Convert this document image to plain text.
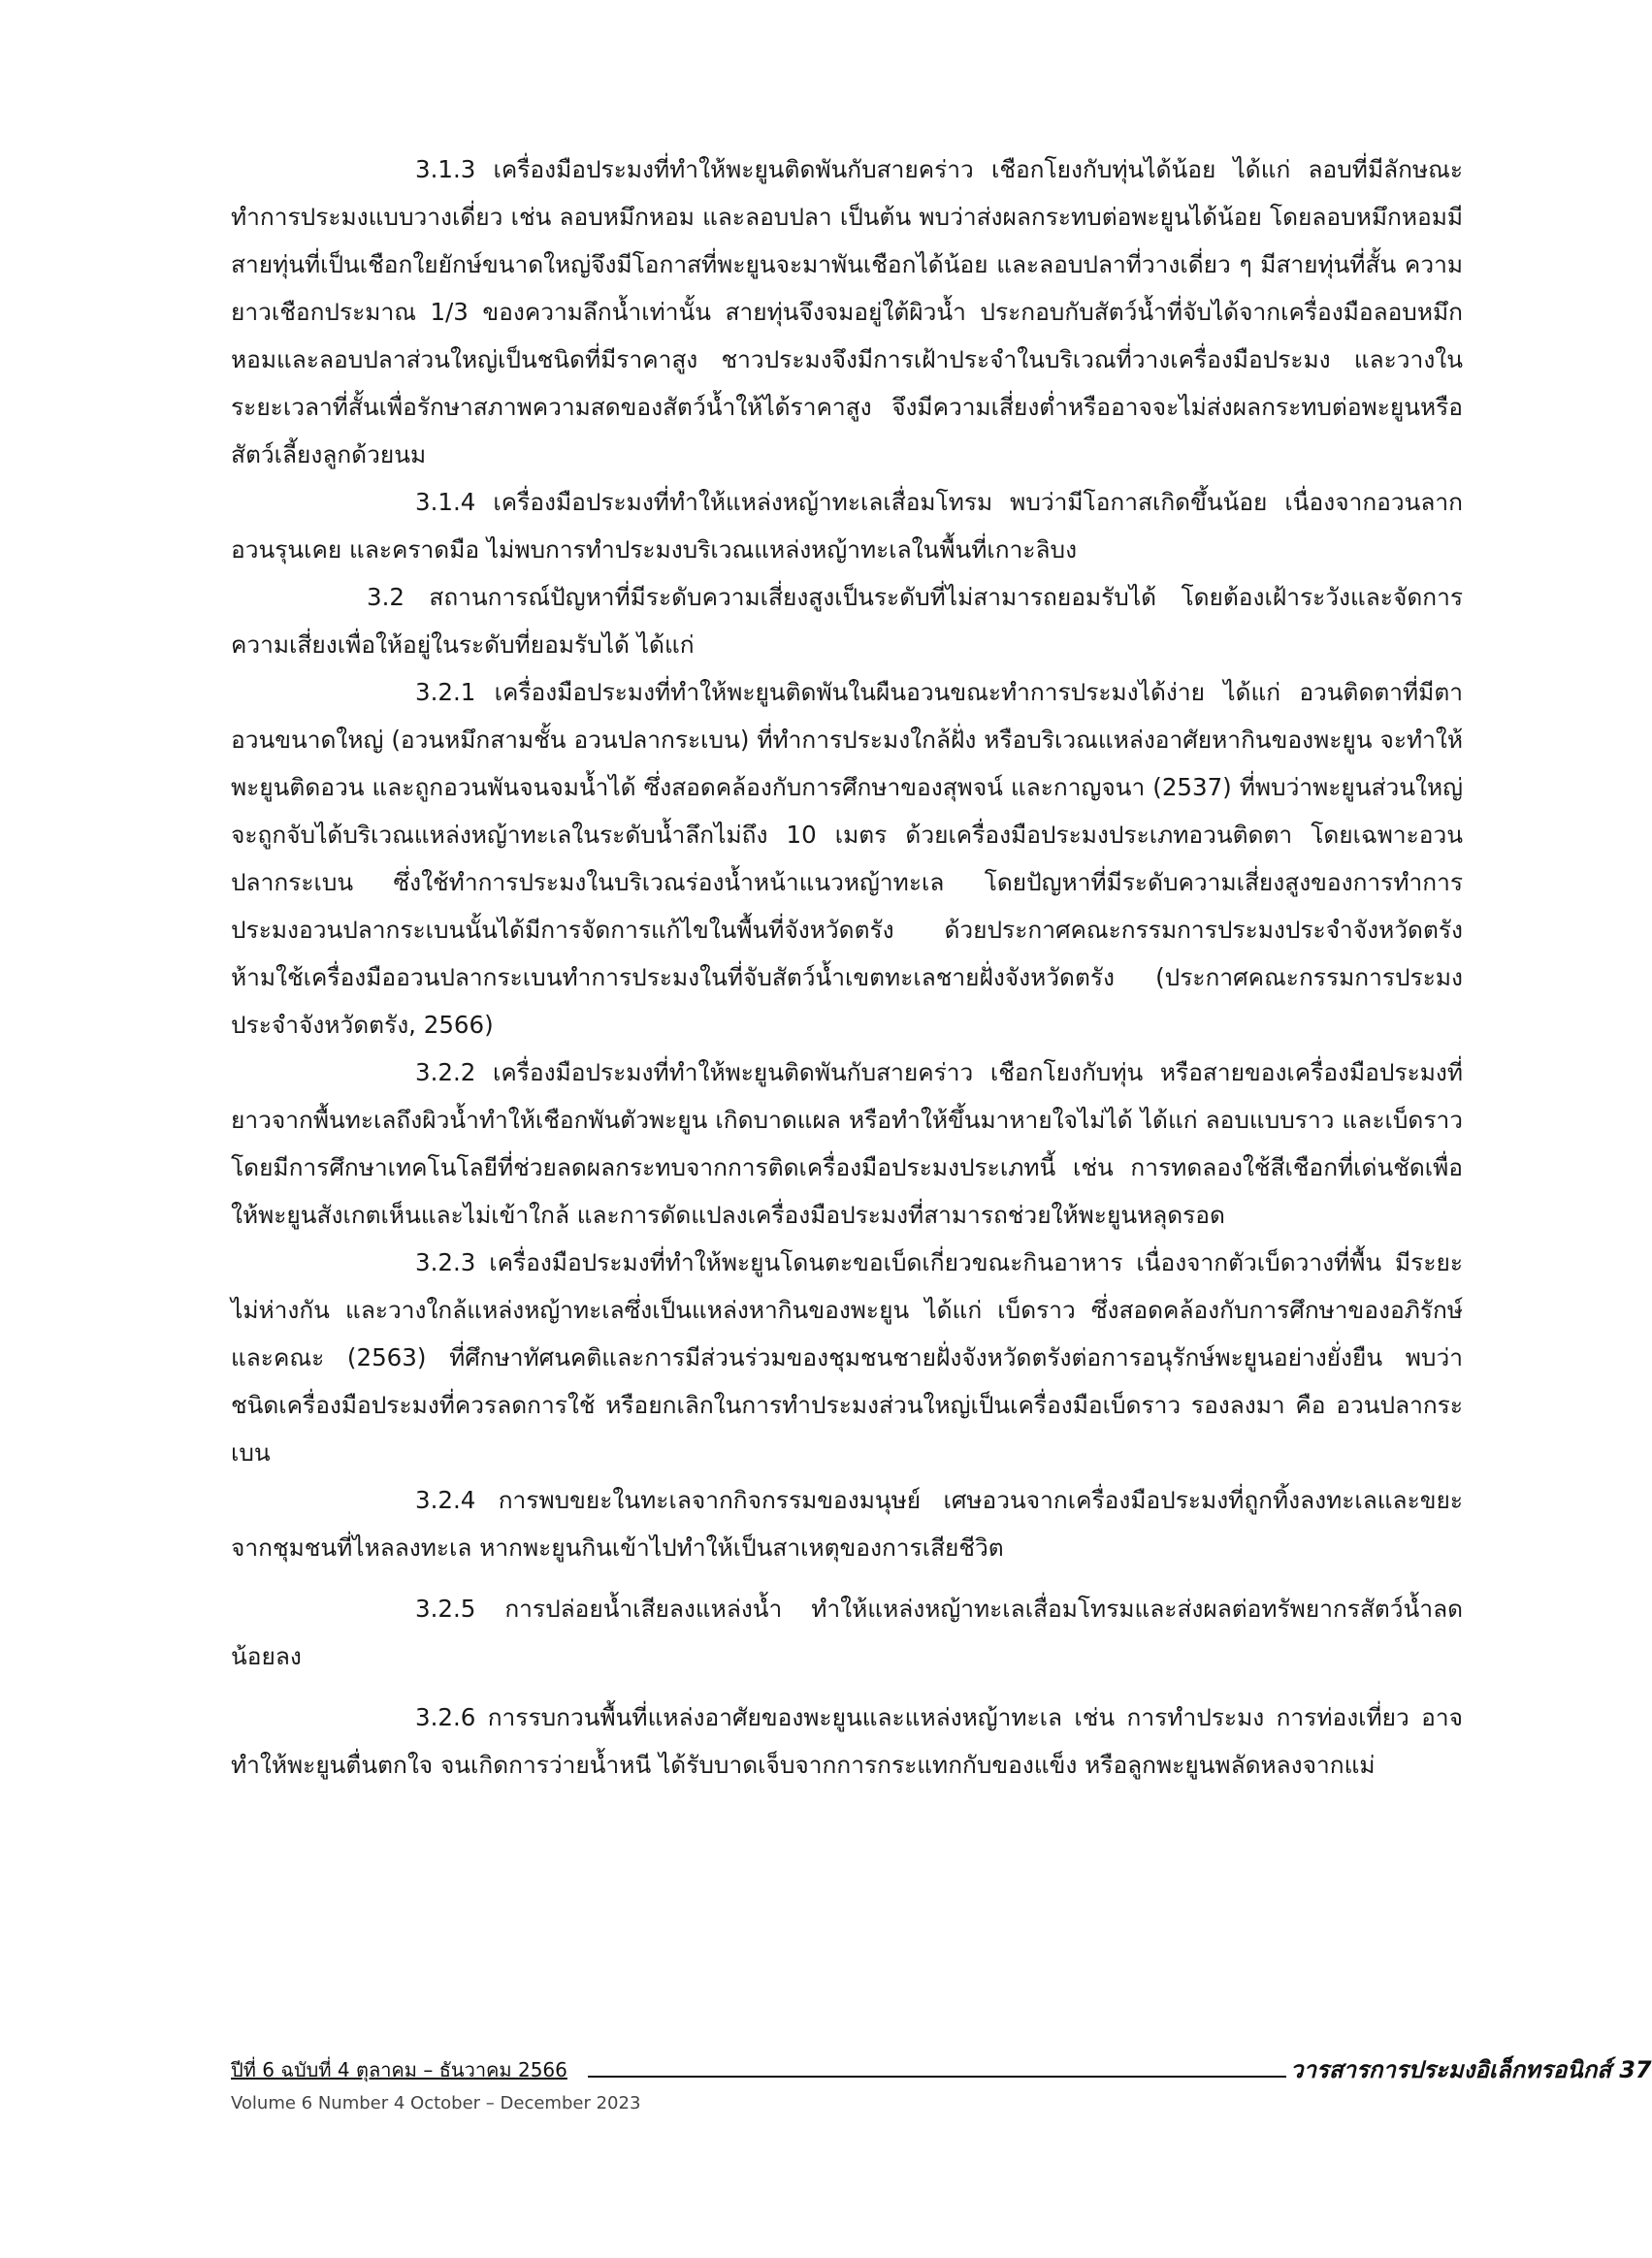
3.1.3 เครื่องมือประมงที่ทำให้พะยูนติดพันกับสายคร่าว เชือกโยงกับทุ่นได้น้อย ได้แก่ ลอบที่มีลักษณะทำการประมงแบบวางเดี่ยว เช่น ลอบหมึกหอม และลอบปลา เป็นต้น พบว่าส่งผลกระทบต่อพะยูนได้น้อย โดยลอบหมึกหอมมีสายทุ่นที่เป็นเชือกใยยักษ์ขนาดใหญ่จึงมีโอกาสที่พะยูนจะมาพันเชือกได้น้อย และลอบปลาที่วางเดี่ยว ๆ มีสายทุ่นที่สั้น ความยาวเชือกประมาณ 1/3 ของความลึกน้ำเท่านั้น สายทุ่นจึงจมอยู่ใต้ผิวน้ำ ประกอบกับสัตว์น้ำที่จับได้จากเครื่องมือลอบหมึกหอมและลอบปลาส่วนใหญ่เป็นชนิดที่มีราคาสูง ชาวประมงจึงมีการเฝ้าประจำในบริเวณที่วางเครื่องมือประมง และวางในระยะเวลาที่สั้นเพื่อรักษาสภาพความสดของสัตว์น้ำให้ได้ราคาสูง จึงมีความเสี่ยงต่ำหรืออาจจะไม่ส่งผลกระทบต่อพะยูนหรือสัตว์เลี้ยงลูกด้วยนม

3.1.4 เครื่องมือประมงที่ทำให้แหล่งหญ้าทะเลเสื่อมโทรม พบว่ามีโอกาสเกิดขึ้นน้อย เนื่องจากอวนลาก อวนรุนเคย และคราดมือ ไม่พบการทำประมงบริเวณแหล่งหญ้าทะเลในพื้นที่เกาะลิบง

3.2 สถานการณ์ปัญหาที่มีระดับความเสี่ยงสูงเป็นระดับที่ไม่สามารถยอมรับได้ โดยต้องเฝ้าระวังและจัดการความเสี่ยงเพื่อให้อยู่ในระดับที่ยอมรับได้ ได้แก่

3.2.1 เครื่องมือประมงที่ทำให้พะยูนติดพันในผืนอวนขณะทำการประมงได้ง่าย ได้แก่ อวนติดตาที่มีตาอวนขนาดใหญ่ (อวนหมึกสามชั้น อวนปลากระเบน) ที่ทำการประมงใกล้ฝั่ง หรือบริเวณแหล่งอาศัยหากินของพะยูน จะทำให้พะยูนติดอวน และถูกอวนพันจนจมน้ำได้ ซึ่งสอดคล้องกับการศึกษาของสุพจน์ และกาญจนา (2537) ที่พบว่าพะยูนส่วนใหญ่จะถูกจับได้บริเวณแหล่งหญ้าทะเลในระดับน้ำลึกไม่ถึง 10 เมตร ด้วยเครื่องมือประมงประเภทอวนติดตา โดยเฉพาะอวนปลากระเบน ซึ่งใช้ทำการประมงในบริเวณร่องน้ำหน้าแนวหญ้าทะเล โดยปัญหาที่มีระดับความเสี่ยงสูงของการทำการประมงอวนปลากระเบนนั้นได้มีการจัดการแก้ไขในพื้นที่จังหวัดตรัง ด้วยประกาศคณะกรรมการประมงประจำจังหวัดตรัง ห้ามใช้เครื่องมืออวนปลากระเบนทำการประมงในที่จับสัตว์น้ำเขตทะเลชายฝั่งจังหวัดตรัง (ประกาศคณะกรรมการประมงประจำจังหวัดตรัง, 2566)

3.2.2 เครื่องมือประมงที่ทำให้พะยูนติดพันกับสายคร่าว เชือกโยงกับทุ่น หรือสายของเครื่องมือประมงที่ยาวจากพื้นทะเลถึงผิวน้ำทำให้เชือกพันตัวพะยูน เกิดบาดแผล หรือทำให้ขึ้นมาหายใจไม่ได้ ได้แก่ ลอบแบบราว และเบ็ดราว โดยมีการศึกษาเทคโนโลยีที่ช่วยลดผลกระทบจากการติดเครื่องมือประมงประเภทนี้ เช่น การทดลองใช้สีเชือกที่เด่นชัดเพื่อให้พะยูนสังเกตเห็นและไม่เข้าใกล้ และการดัดแปลงเครื่องมือประมงที่สามารถช่วยให้พะยูนหลุดรอด

3.2.3 เครื่องมือประมงที่ทำให้พะยูนโดนตะขอเบ็ดเกี่ยวขณะกินอาหาร เนื่องจากตัวเบ็ดวางที่พื้น มีระยะไม่ห่างกัน และวางใกล้แหล่งหญ้าทะเลซึ่งเป็นแหล่งหากินของพะยูน ได้แก่ เบ็ดราว ซึ่งสอดคล้องกับการศึกษาของอภิรักษ์ และคณะ (2563) ที่ศึกษาทัศนคติและการมีส่วนร่วมของชุมชนชายฝั่งจังหวัดตรังต่อการอนุรักษ์พะยูนอย่างยั่งยืน พบว่าชนิดเครื่องมือประมงที่ควรลดการใช้ หรือยกเลิกในการทำประมงส่วนใหญ่เป็นเครื่องมือเบ็ดราว รองลงมา คือ อวนปลากระเบน

3.2.4 การพบขยะในทะเลจากกิจกรรมของมนุษย์ เศษอวนจากเครื่องมือประมงที่ถูกทิ้งลงทะเลและขยะจากชุมชนที่ไหลลงทะเล หากพะยูนกินเข้าไปทำให้เป็นสาเหตุของการเสียชีวิต

3.2.5 การปล่อยน้ำเสียลงแหล่งน้ำ ทำให้แหล่งหญ้าทะเลเสื่อมโทรมและส่งผลต่อทรัพยากรสัตว์น้ำลดน้อยลง

3.2.6 การรบกวนพื้นที่แหล่งอาศัยของพะยูนและแหล่งหญ้าทะเล เช่น การทำประมง การท่องเที่ยว อาจทำให้พะยูนตื่นตกใจ จนเกิดการว่ายน้ำหนี ได้รับบาดเจ็บจากการกระแทกกับของแข็ง หรือลูกพะยูนพลัดหลงจากแม่

ปีที่ 6 ฉบับที่ 4 ตุลาคม – ธันวาคม 2566	วารสารการประมงอิเล็กทรอนิกส์ 37
Volume 6 Number 4 October – December 2023
